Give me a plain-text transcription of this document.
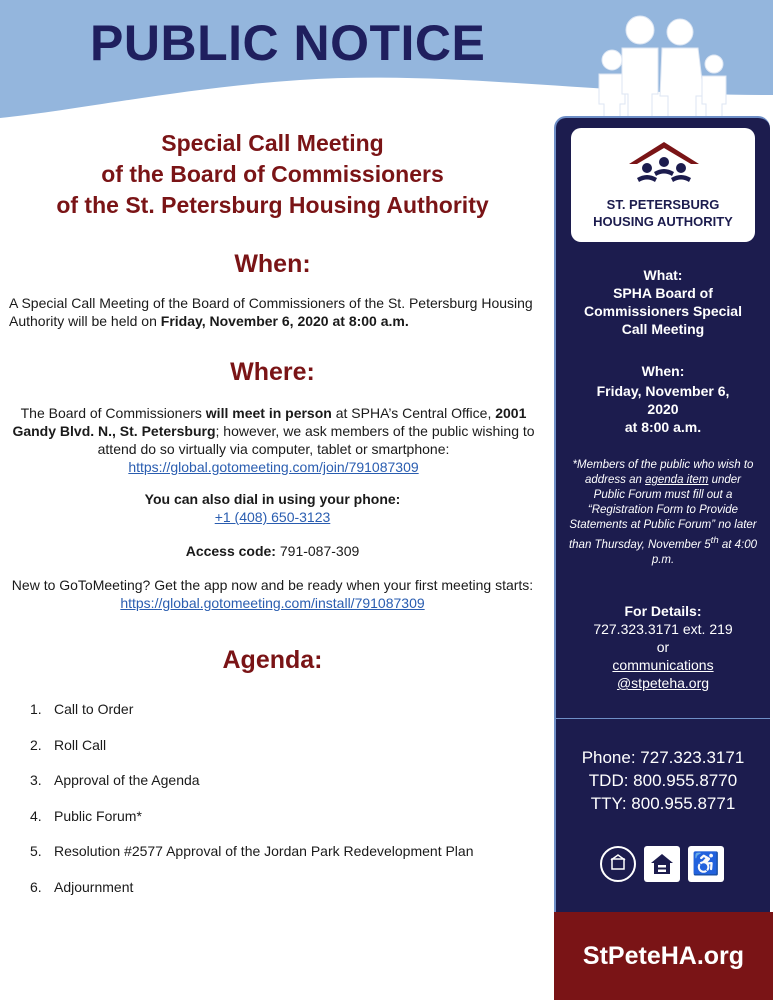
PUBLIC NOTICE
Special Call Meeting
of the Board of Commissioners
of the St. Petersburg Housing Authority
When:
A Special Call Meeting of the Board of Commissioners of the St. Petersburg Housing Authority will be held on Friday, November 6, 2020 at 8:00 a.m.
Where:
The Board of Commissioners will meet in person at SPHA’s Central Office, 2001 Gandy Blvd. N., St. Petersburg; however, we ask members of the public wishing to attend do so virtually via computer, tablet or smartphone:
https://global.gotomeeting.com/join/791087309
You can also dial in using your phone:
+1 (408) 650-3123
Access code: 791-087-309
New to GoToMeeting? Get the app now and be ready when your first meeting starts:
https://global.gotomeeting.com/install/791087309
Agenda:
1. Call to Order
2. Roll Call
3. Approval of the Agenda
4. Public Forum*
5. Resolution #2577 Approval of the Jordan Park Redevelopment Plan
6. Adjournment
ST. PETERSBURG
HOUSING AUTHORITY
What:
SPHA Board of Commissioners Special Call Meeting
When:
Friday, November 6,
2020
at 8:00 a.m.
*Members of the public who wish to address an agenda item under Public Forum must fill out a “Registration Form to Provide Statements at Public Forum” no later than Thursday, November 5th at 4:00 p.m.
For Details:
727.323.3171 ext. 219
or
communications
@stpeteha.org
Phone: 727.323.3171
TDD: 800.955.8770
TTY: 800.955.8771
♿
StPeteHA.org
